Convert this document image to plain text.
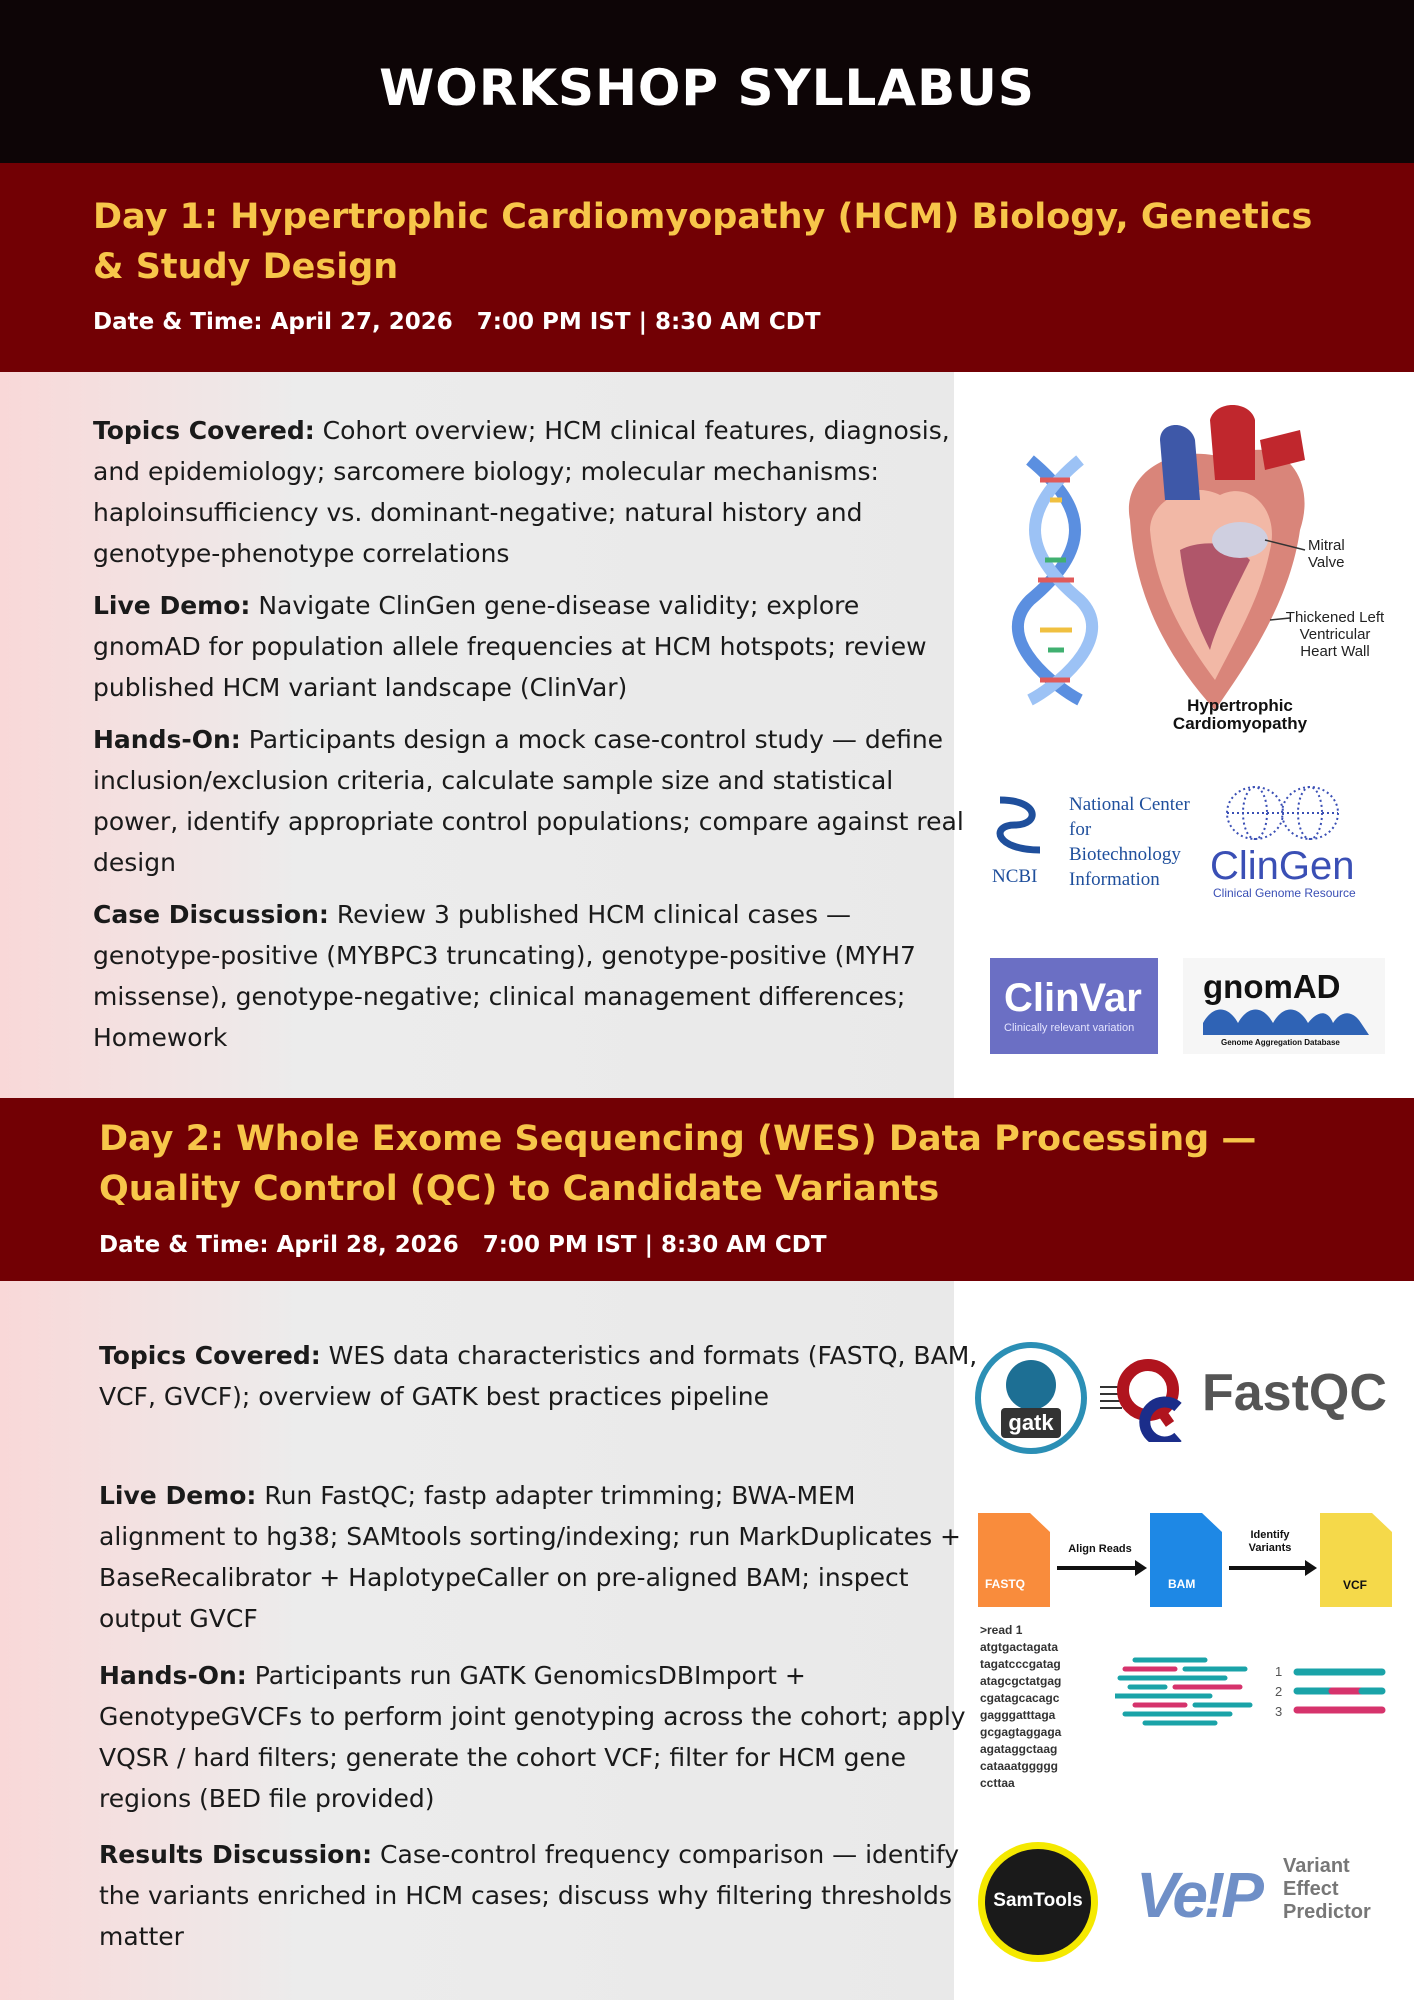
WORKSHOP SYLLABUS
Day 1: Hypertrophic Cardiomyopathy (HCM) Biology, Genetics & Study Design
Date & Time: April 27, 2026   7:00 PM IST | 8:30 AM CDT
Topics Covered: Cohort overview; HCM clinical features, diagnosis, and epidemiology; sarcomere biology; molecular mechanisms: haploinsufficiency vs. dominant-negative; natural history and genotype-phenotype correlations
Live Demo: Navigate ClinGen gene-disease validity; explore gnomAD for population allele frequencies at HCM hotspots; review published HCM variant landscape (ClinVar)
Hands-On: Participants design a mock case-control study — define inclusion/exclusion criteria, calculate sample size and statistical power, identify appropriate control populations; compare against real design
Case Discussion: Review 3 published HCM clinical cases — genotype-positive (MYBPC3 truncating), genotype-positive (MYH7 missense), genotype-negative; clinical management differences; Homework
Mitral Valve
Thickened Left Ventricular Heart Wall
Hypertrophic Cardiomyopathy
NCBI
National Center for Biotechnology Information	ClinGen
Clinical Genome Resource
ClinVar
Clinically relevant variation
gnomAD
Genome Aggregation Database
Day 2: Whole Exome Sequencing (WES) Data Processing — Quality Control (QC) to Candidate Variants
Date & Time: April 28, 2026   7:00 PM IST | 8:30 AM CDT
Topics Covered: WES data characteristics and formats (FASTQ, BAM, VCF, GVCF); overview of GATK best practices pipeline
Live Demo: Run FastQC; fastp adapter trimming; BWA-MEM alignment to hg38; SAMtools sorting/indexing; run MarkDuplicates + BaseRecalibrator + HaplotypeCaller on pre-aligned BAM; inspect output GVCF
Hands-On: Participants run GATK GenomicsDBImport + GenotypeGVCFs to perform joint genotyping across the cohort; apply VQSR / hard filters; generate the cohort VCF; filter for HCM gene regions (BED file provided)
Results Discussion: Case-control frequency comparison — identify the variants enriched in HCM cases; discuss why filtering thresholds matter
gatk
FastQC
FASTQ
Align Reads
BAM
Identify Variants
VCF
>read 1
atgtgactagata
tagatcccgatag
atagcgctatgag
cgatagcacagc
gagggatttaga
gcgagtaggaga
agataggctaag
cataaatggggg
ccttaa
1
2
3
SamTools Ve!P Variant Effect Predictor
